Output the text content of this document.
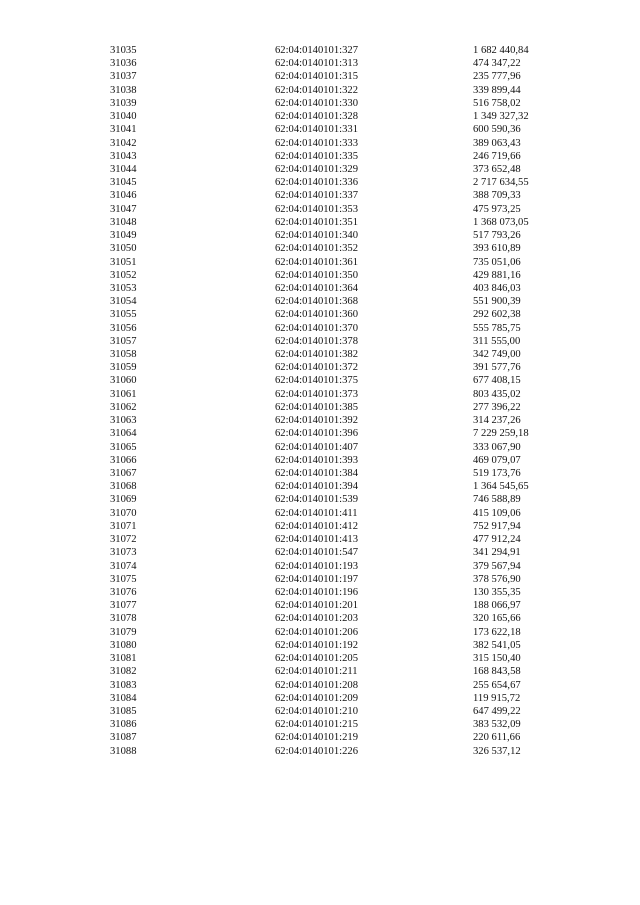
31035	62:04:0140101:327	1 682 440,84
31036	62:04:0140101:313	474 347,22
31037	62:04:0140101:315	235 777,96
31038	62:04:0140101:322	339 899,44
31039	62:04:0140101:330	516 758,02
31040	62:04:0140101:328	1 349 327,32
31041	62:04:0140101:331	600 590,36
31042	62:04:0140101:333	389 063,43
31043	62:04:0140101:335	246 719,66
31044	62:04:0140101:329	373 652,48
31045	62:04:0140101:336	2 717 634,55
31046	62:04:0140101:337	388 709,33
31047	62:04:0140101:353	475 973,25
31048	62:04:0140101:351	1 368 073,05
31049	62:04:0140101:340	517 793,26
31050	62:04:0140101:352	393 610,89
31051	62:04:0140101:361	735 051,06
31052	62:04:0140101:350	429 881,16
31053	62:04:0140101:364	403 846,03
31054	62:04:0140101:368	551 900,39
31055	62:04:0140101:360	292 602,38
31056	62:04:0140101:370	555 785,75
31057	62:04:0140101:378	311 555,00
31058	62:04:0140101:382	342 749,00
31059	62:04:0140101:372	391 577,76
31060	62:04:0140101:375	677 408,15
31061	62:04:0140101:373	803 435,02
31062	62:04:0140101:385	277 396,22
31063	62:04:0140101:392	314 237,26
31064	62:04:0140101:396	7 229 259,18
31065	62:04:0140101:407	333 067,90
31066	62:04:0140101:393	469 079,07
31067	62:04:0140101:384	519 173,76
31068	62:04:0140101:394	1 364 545,65
31069	62:04:0140101:539	746 588,89
31070	62:04:0140101:411	415 109,06
31071	62:04:0140101:412	752 917,94
31072	62:04:0140101:413	477 912,24
31073	62:04:0140101:547	341 294,91
31074	62:04:0140101:193	379 567,94
31075	62:04:0140101:197	378 576,90
31076	62:04:0140101:196	130 355,35
31077	62:04:0140101:201	188 066,97
31078	62:04:0140101:203	320 165,66
31079	62:04:0140101:206	173 622,18
31080	62:04:0140101:192	382 541,05
31081	62:04:0140101:205	315 150,40
31082	62:04:0140101:211	168 843,58
31083	62:04:0140101:208	255 654,67
31084	62:04:0140101:209	119 915,72
31085	62:04:0140101:210	647 499,22
31086	62:04:0140101:215	383 532,09
31087	62:04:0140101:219	220 611,66
31088	62:04:0140101:226	326 537,12
